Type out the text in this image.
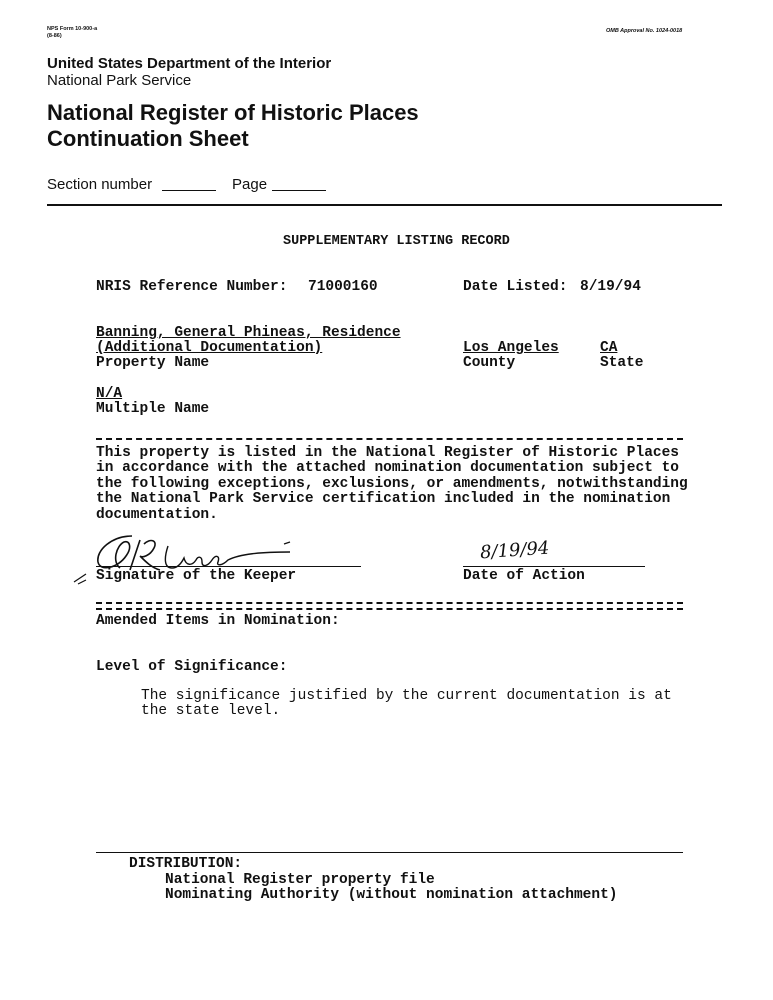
NPS Form 10-900-a
(8-86)
OMB Approval No. 1024-0018
United States Department of the Interior
National Park Service
National Register of Historic Places
Continuation Sheet
Section number	Page
SUPPLEMENTARY LISTING RECORD
NRIS Reference Number: 71000160	Date Listed: 8/19/94
Banning, General Phineas, Residence
(Additional Documentation)
Property Name
Los Angeles
County
CA
State
N/A
Multiple Name
This property is listed in the National Register of Historic Places
in accordance with the attached nomination documentation subject to
the following exceptions, exclusions, or amendments, notwithstanding
the National Park Service certification included in the nomination
documentation.
Signature of the Keeper
8/19/94
Date of Action
Amended Items in Nomination:
Level of Significance:
The significance justified by the current documentation is at
the state level.
DISTRIBUTION:
National Register property file
Nominating Authority (without nomination attachment)
